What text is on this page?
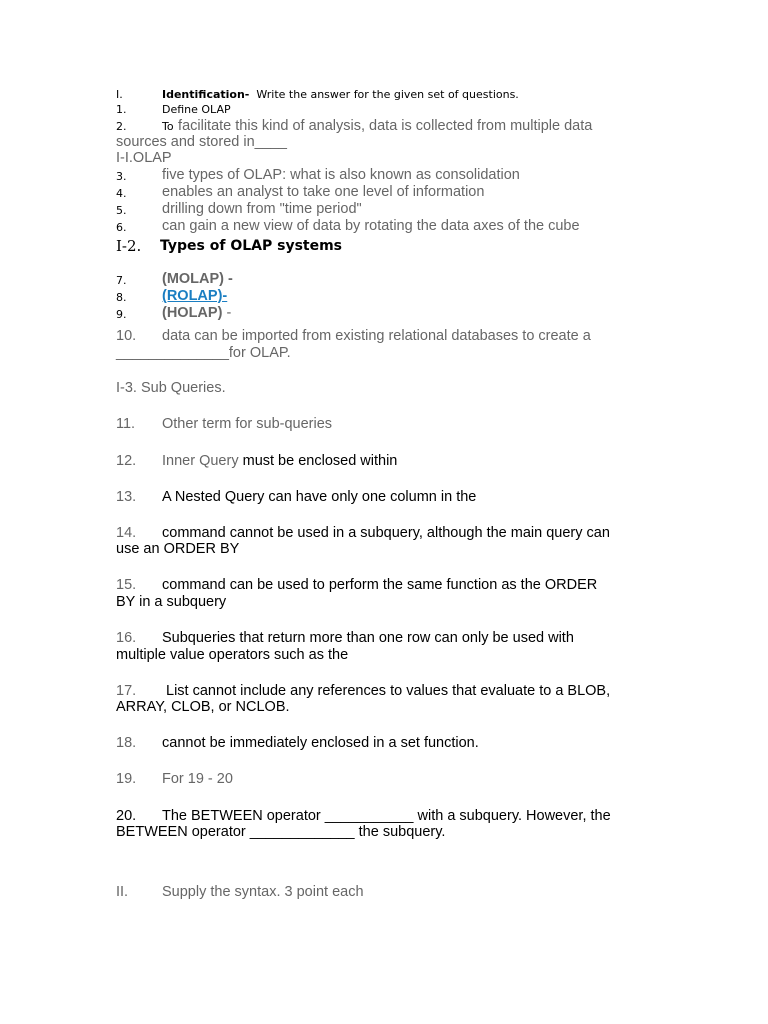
I.	Identification- Write the answer for the given set of questions.
1.	Define OLAP
2.	To facilitate this kind of analysis, data is collected from multiple data
sources and stored in____
I-I.OLAP
3. five types of OLAP: what is also known as consolidation
4. enables an analyst to take one level of information
5. drilling down from "time period"
6. can gain a new view of data by rotating the data axes of the cube
I-2. Types of OLAP systems
7. (MOLAP) -
8. (ROLAP)-
9. (HOLAP) -
10. data can be imported from existing relational databases to create a
______________for OLAP.
I-3. Sub Queries.
11. Other term for sub-queries
12. Inner Query must be enclosed within
13. A Nested Query can have only one column in the
14. command cannot be used in a subquery, although the main query can
use an ORDER BY
15. command can be used to perform the same function as the ORDER
BY in a subquery
16. Subqueries that return more than one row can only be used with
multiple value operators such as the
17. List cannot include any references to values that evaluate to a BLOB,
ARRAY, CLOB, or NCLOB.
18. cannot be immediately enclosed in a set function.
19. For 19 - 20
20. The BETWEEN operator ___________ with a subquery. However, the
BETWEEN operator _____________ the subquery.
II. Supply the syntax. 3 point each
